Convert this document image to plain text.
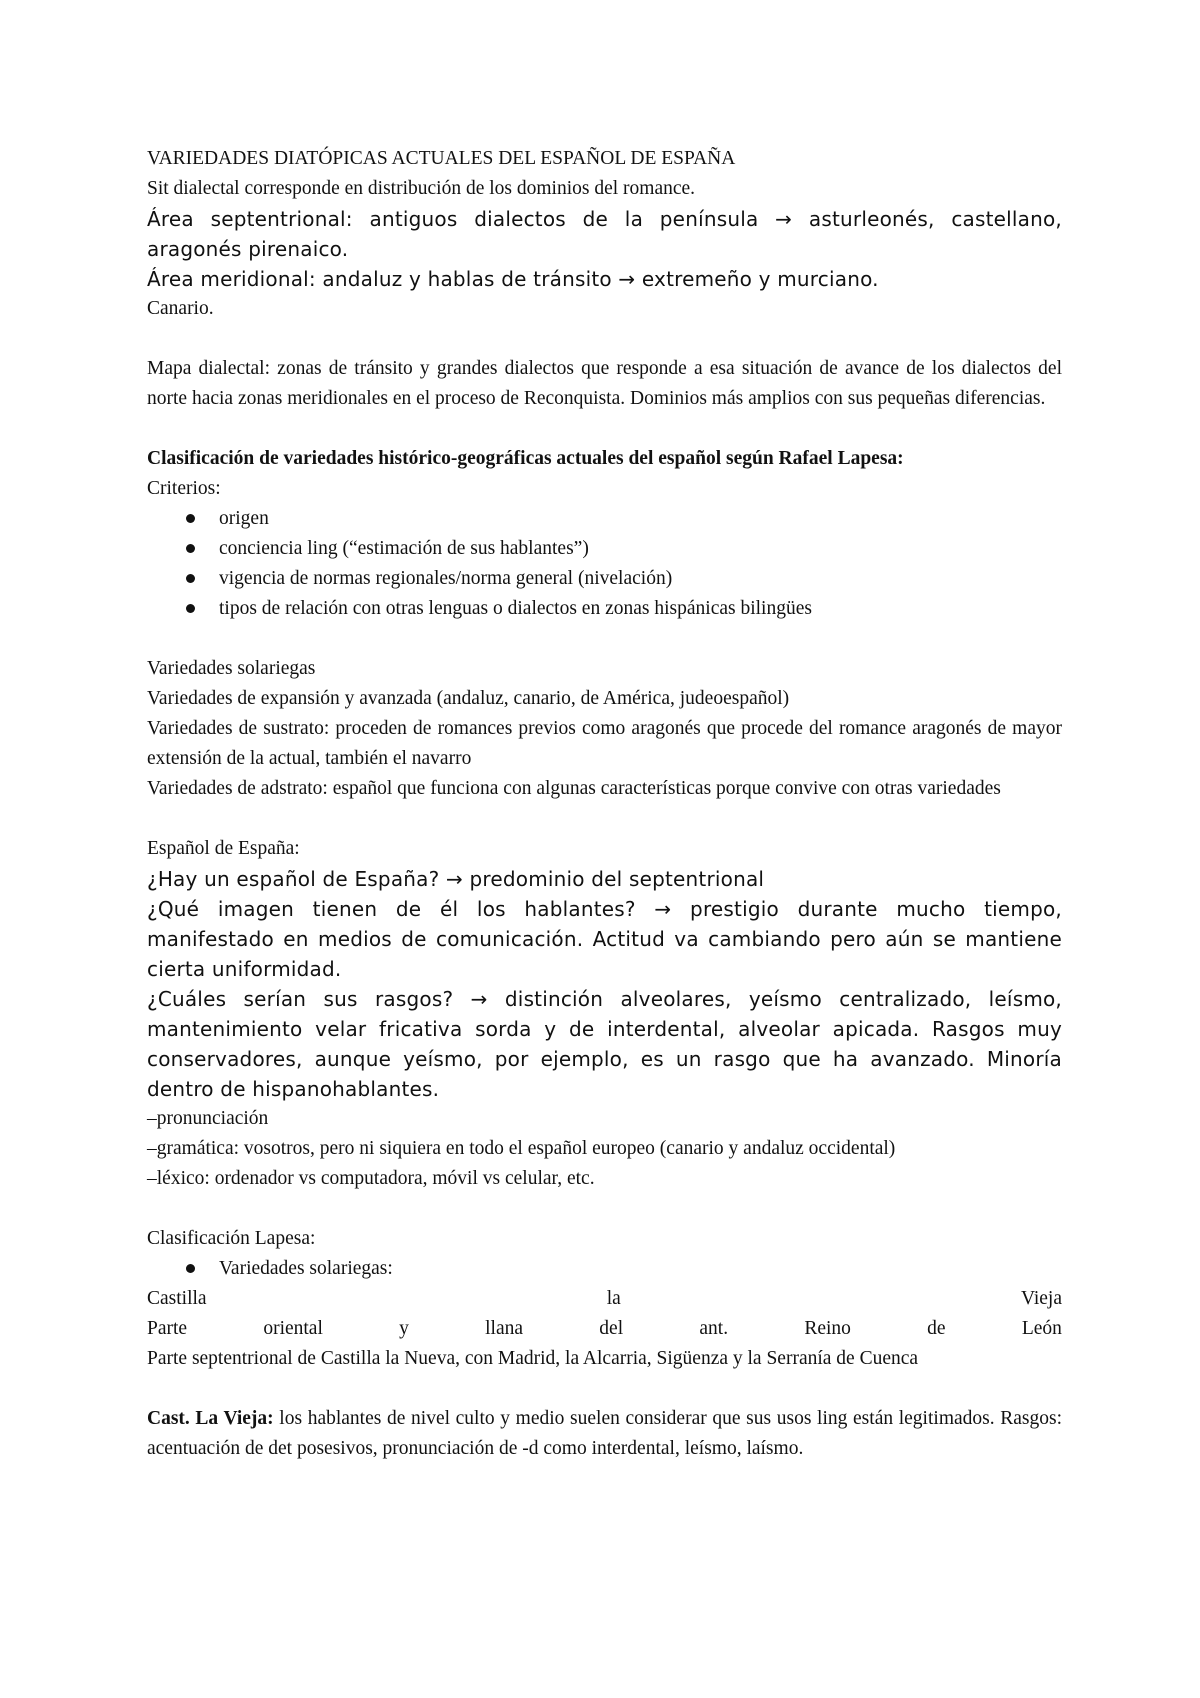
VARIEDADES DIATÓPICAS ACTUALES DEL ESPAÑOL DE ESPAÑA

Sit dialectal corresponde en distribución de los dominios del romance.

Área septentrional: antiguos dialectos de la península → asturleonés, castellano, aragonés pirenaico.

Área meridional: andaluz y hablas de tránsito → extremeño y murciano.

Canario.

Mapa dialectal: zonas de tránsito y grandes dialectos que responde a esa situación de avance de los dialectos del norte hacia zonas meridionales en el proceso de Reconquista. Dominios más amplios con sus pequeñas diferencias.

Clasificación de variedades histórico-geográficas actuales del español según Rafael Lapesa:

Criterios:

origen
conciencia ling (“estimación de sus hablantes”)
vigencia de normas regionales/norma general (nivelación)
tipos de relación con otras lenguas o dialectos en zonas hispánicas bilingües

Variedades solariegas

Variedades de expansión y avanzada (andaluz, canario, de América, judeoespañol)

Variedades de sustrato: proceden de romances previos como aragonés que procede del romance aragonés de mayor extensión de la actual, también el navarro

Variedades de adstrato: español que funciona con algunas características porque convive con otras variedades

Español de España:

¿Hay un español de España? → predominio del septentrional

¿Qué imagen tienen de él los hablantes? → prestigio durante mucho tiempo, manifestado en medios de comunicación. Actitud va cambiando pero aún se mantiene cierta uniformidad.

¿Cuáles serían sus rasgos? → distinción alveolares, yeísmo centralizado, leísmo, mantenimiento velar fricativa sorda y de interdental, alveolar apicada. Rasgos muy conservadores, aunque yeísmo, por ejemplo, es un rasgo que ha avanzado. Minoría dentro de hispanohablantes.

–pronunciación

–gramática: vosotros, pero ni siquiera en todo el español europeo (canario y andaluz occidental)

–léxico: ordenador vs computadora, móvil vs celular, etc.

Clasificación Lapesa:

Variedades solariegas:
Castilla	la	Vieja
Parte	oriental	y	llana	del	ant.	Reino	de	León

Parte septentrional de Castilla la Nueva, con Madrid, la Alcarria, Sigüenza y la Serranía de Cuenca

Cast. La Vieja: los hablantes de nivel culto y medio suelen considerar que sus usos ling están legitimados. Rasgos: acentuación de det posesivos, pronunciación de -d como interdental, leísmo, laísmo.
